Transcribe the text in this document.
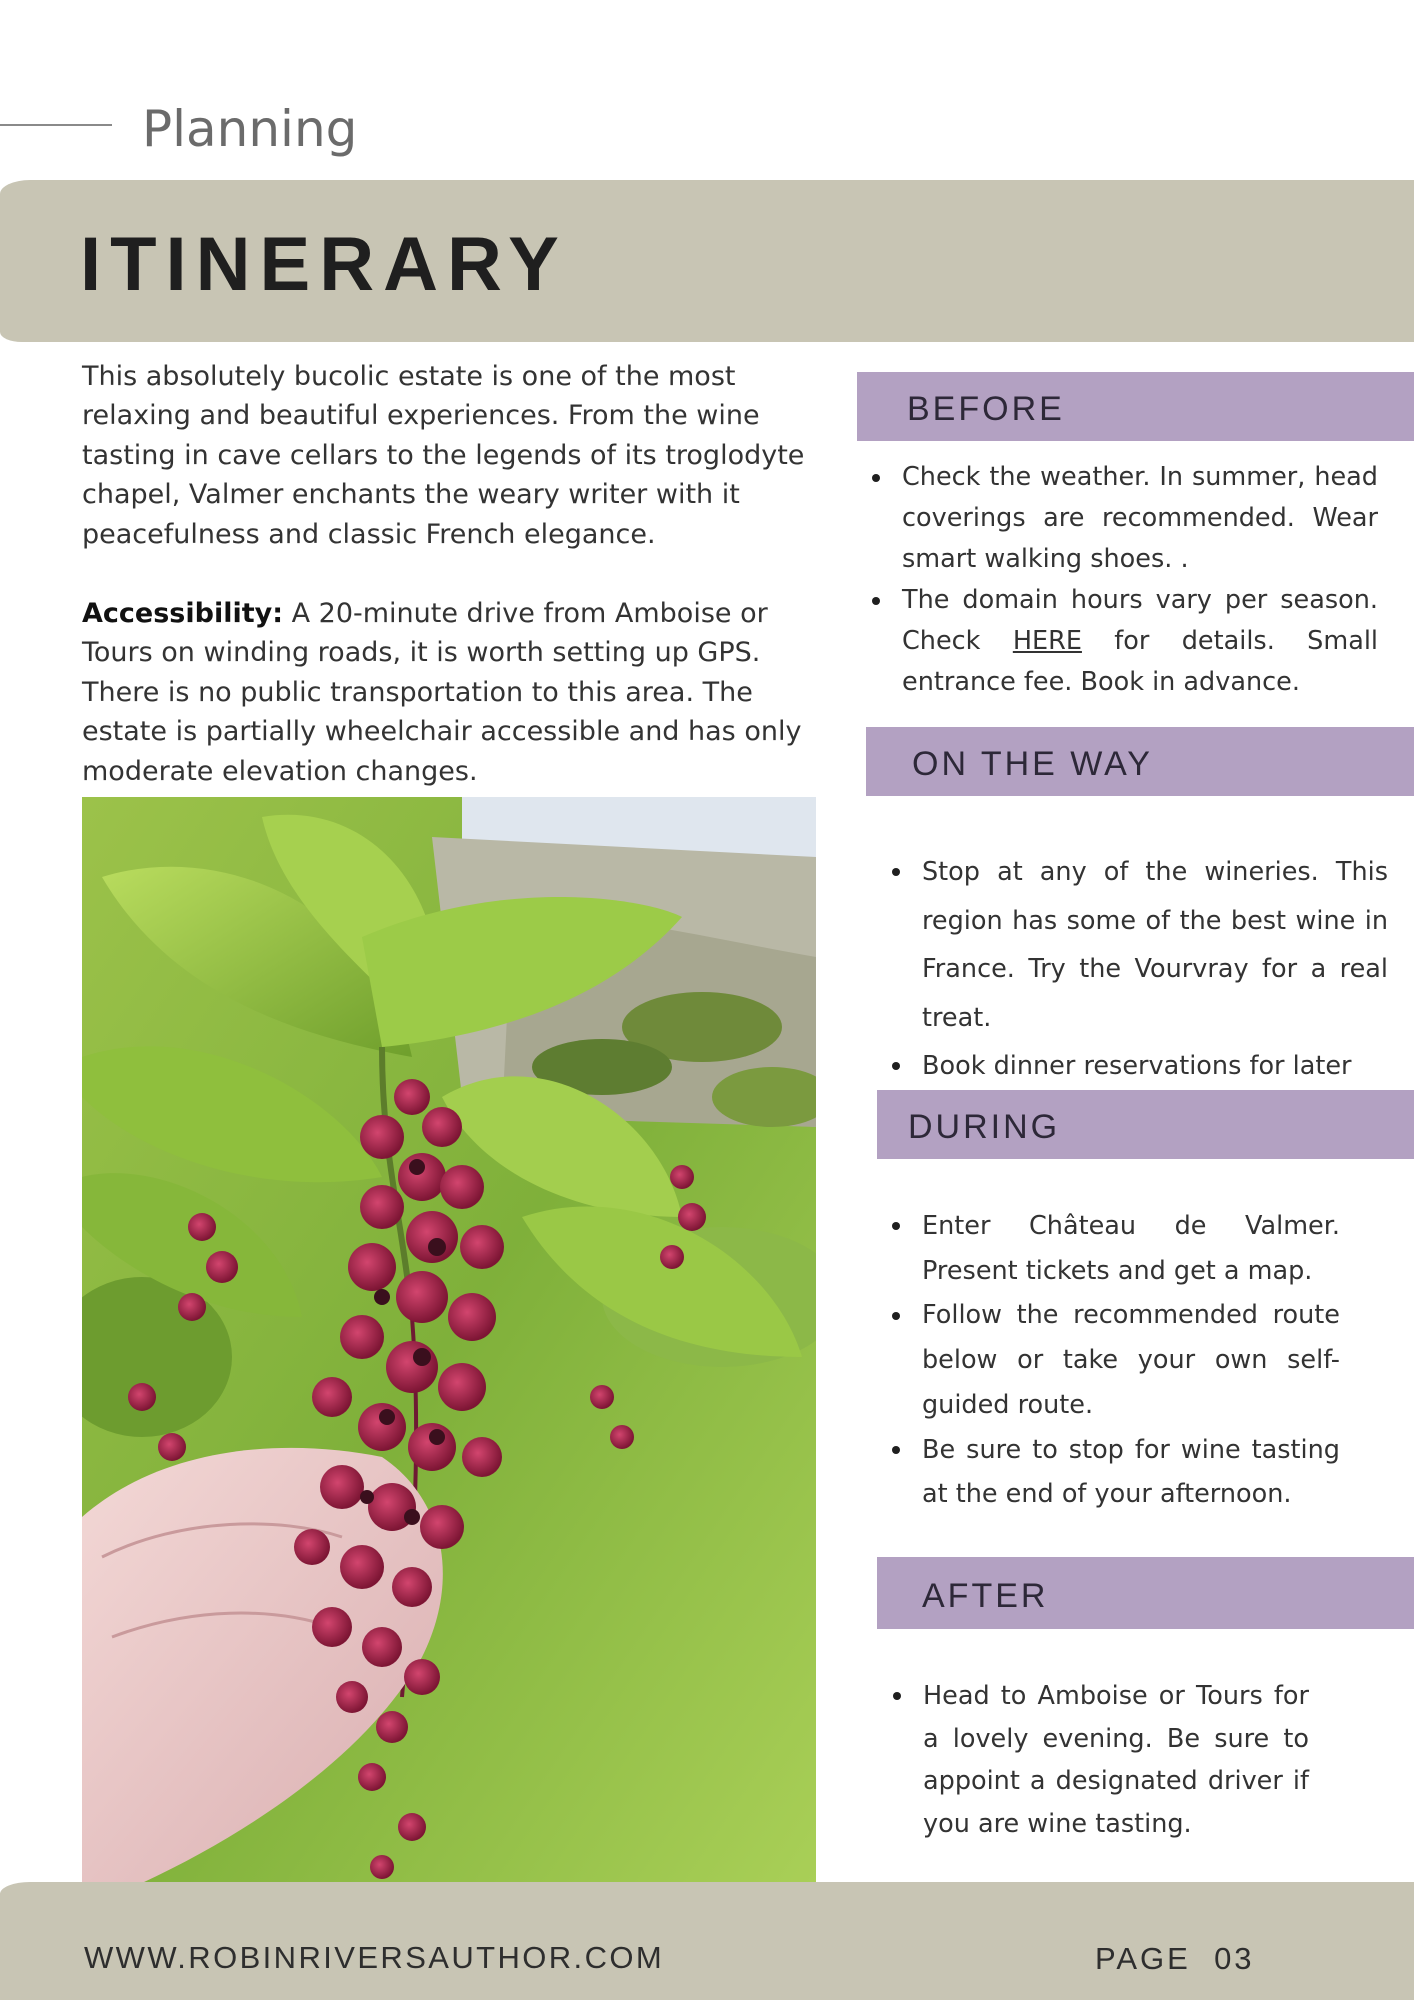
Planning
ITINERARY

This absolutely bucolic estate is one of the most relaxing and beautiful experiences. From the wine tasting in cave cellars to the legends of its troglodyte chapel, Valmer enchants the weary writer with it peacefulness and classic French elegance.

Accessibility: A 20-minute drive from Amboise or Tours on winding roads, it is worth setting up GPS. There is no public transportation to this area. The estate is partially wheelchair accessible and has only moderate elevation changes.

BEFORE
Check the weather. In summer, head coverings are recommended. Wear smart walking shoes. .
The domain hours vary per season. Check HERE for details. Small entrance fee. Book in advance.
ON THE WAY
Stop at any of the wineries. This region has some of the best wine in France. Try the Vourvray for a real treat.
Book dinner reservations for later
DURING
Enter Château de Valmer. Present tickets and get a map.
Follow the recommended route below or take your own self-guided route.
Be sure to stop for wine tasting at the end of your afternoon.
AFTER
Head to Amboise or Tours for a lovely evening. Be sure to appoint a designated driver if you are wine tasting.
WWW.ROBINRIVERSAUTHOR.COM	PAGE  03
